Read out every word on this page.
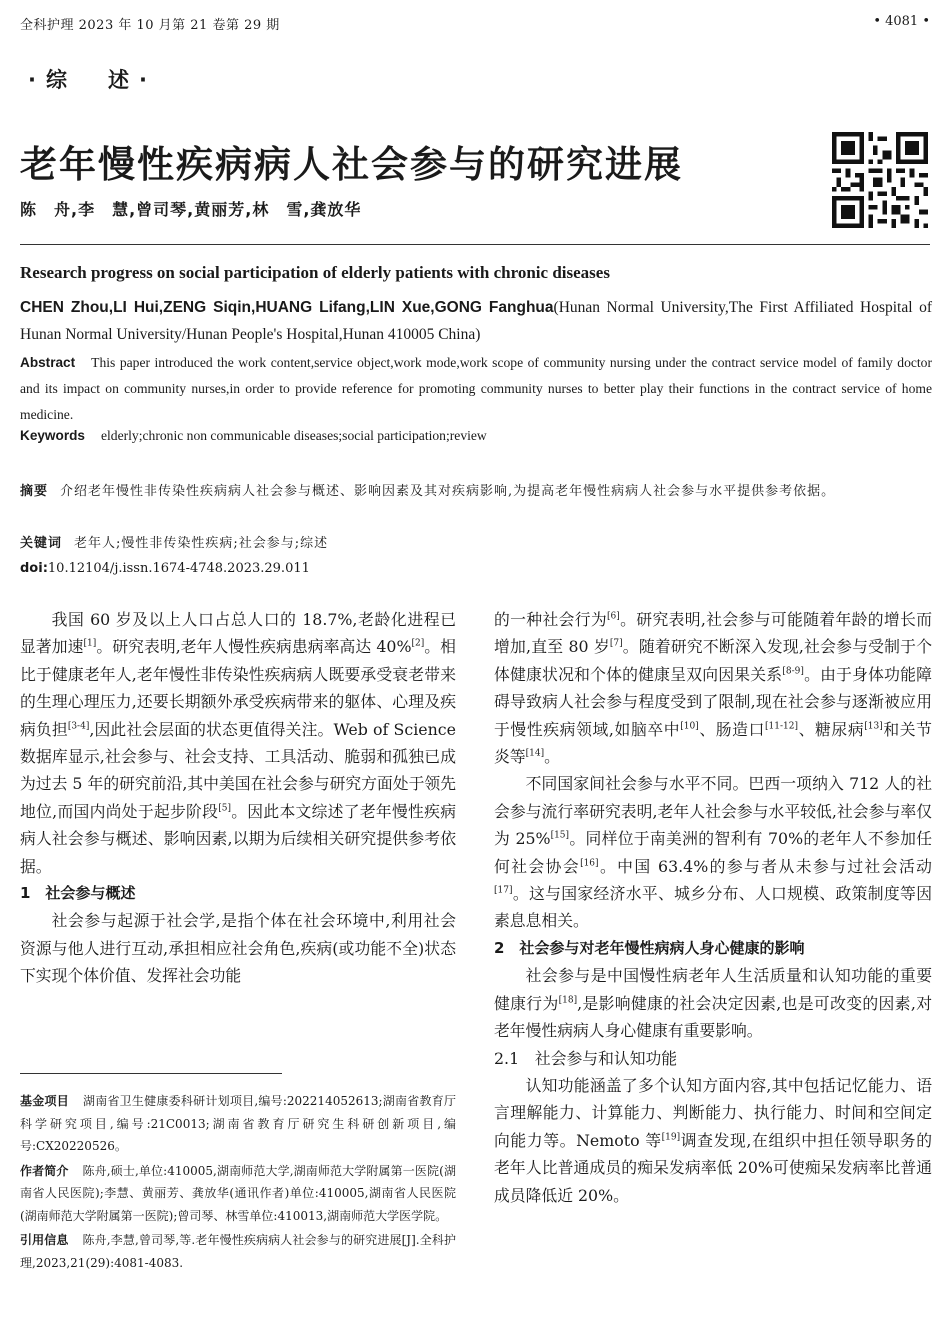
全科护理 2023 年 10 月第 21 卷第 29 期	• 4081 •
·综　述·
老年慢性疾病病人社会参与的研究进展
陈　舟,李　慧,曾司琴,黄丽芳,林　雪,龚放华
Research progress on social participation of elderly patients with chronic diseases
CHEN Zhou,LI Hui,ZENG Siqin,HUANG Lifang,LIN Xue,GONG Fanghua(Hunan Normal University,The First Affiliated Hospital of Hunan Normal University/Hunan People's Hospital,Hunan 410005 China)
Abstract This paper introduced the work content,service object,work mode,work scope of community nursing under the contract service model of family doctor and its impact on community nurses,in order to provide reference for promoting community nurses to better play their functions in the contract service of home medicine.
Keywords elderly;chronic non communicable diseases;social participation;review
摘要 介绍老年慢性非传染性疾病病人社会参与概述、影响因素及其对疾病影响,为提高老年慢性病病人社会参与水平提供参考依据。
关键词 老年人;慢性非传染性疾病;社会参与;综述
doi:10.12104/j.issn.1674-4748.2023.29.011

我国 60 岁及以上人口占总人口的 18.7%,老龄化进程已显著加速[1]。研究表明,老年人慢性疾病患病率高达 40%[2]。相比于健康老年人,老年慢性非传染性疾病病人既要承受衰老带来的生理心理压力,还要长期额外承受疾病带来的躯体、心理及疾病负担[3-4],因此社会层面的状态更值得关注。Web of Science 数据库显示,社会参与、社会支持、工具活动、脆弱和孤独已成为过去 5 年的研究前沿,其中美国在社会参与研究方面处于领先地位,而国内尚处于起步阶段[5]。因此本文综述了老年慢性疾病病人社会参与概述、影响因素,以期为后续相关研究提供参考依据。

1　社会参与概述

社会参与起源于社会学,是指个体在社会环境中,利用社会资源与他人进行互动,承担相应社会角色,疾病(或功能不全)状态下实现个体价值、发挥社会功能

的一种社会行为[6]。研究表明,社会参与可能随着年龄的增长而增加,直至 80 岁[7]。随着研究不断深入发现,社会参与受制于个体健康状况和个体的健康呈双向因果关系[8-9]。由于身体功能障碍导致病人社会参与程度受到了限制,现在社会参与逐渐被应用于慢性疾病领域,如脑卒中[10]、肠造口[11-12]、糖尿病[13]和关节炎等[14]。

不同国家间社会参与水平不同。巴西一项纳入 712 人的社会参与流行率研究表明,老年人社会参与水平较低,社会参与率仅为 25%[15]。同样位于南美洲的智利有 70%的老年人不参加任何社会协会[16]。中国 63.4%的参与者从未参与过社会活动[17]。这与国家经济水平、城乡分布、人口规模、政策制度等因素息息相关。

2　社会参与对老年慢性病病人身心健康的影响

社会参与是中国慢性病老年人生活质量和认知功能的重要健康行为[18],是影响健康的社会决定因素,也是可改变的因素,对老年慢性病病人身心健康有重要影响。

2.1　社会参与和认知功能

认知功能涵盖了多个认知方面内容,其中包括记忆能力、语言理解能力、计算能力、判断能力、执行能力、时间和空间定向能力等。Nemoto 等[19]调查发现,在组织中担任领导职务的老年人比普通成员的痴呆发病率低 20%可使痴呆发病率比普通成员降低近 20%。

基金项目 湖南省卫生健康委科研计划项目,编号:202214052613;湖南省教育厅科学研究项目,编号:21C0013;湖南省教育厅研究生科研创新项目,编号:CX20220526。
作者简介 陈舟,硕士,单位:410005,湖南师范大学,湖南师范大学附属第一医院(湖南省人民医院);李慧、黄丽芳、龚放华(通讯作者)单位:410005,湖南省人民医院(湖南师范大学附属第一医院);曾司琴、林雪单位:410013,湖南师范大学医学院。
引用信息 陈舟,李慧,曾司琴,等.老年慢性疾病病人社会参与的研究进展[J].全科护理,2023,21(29):4081-4083.
